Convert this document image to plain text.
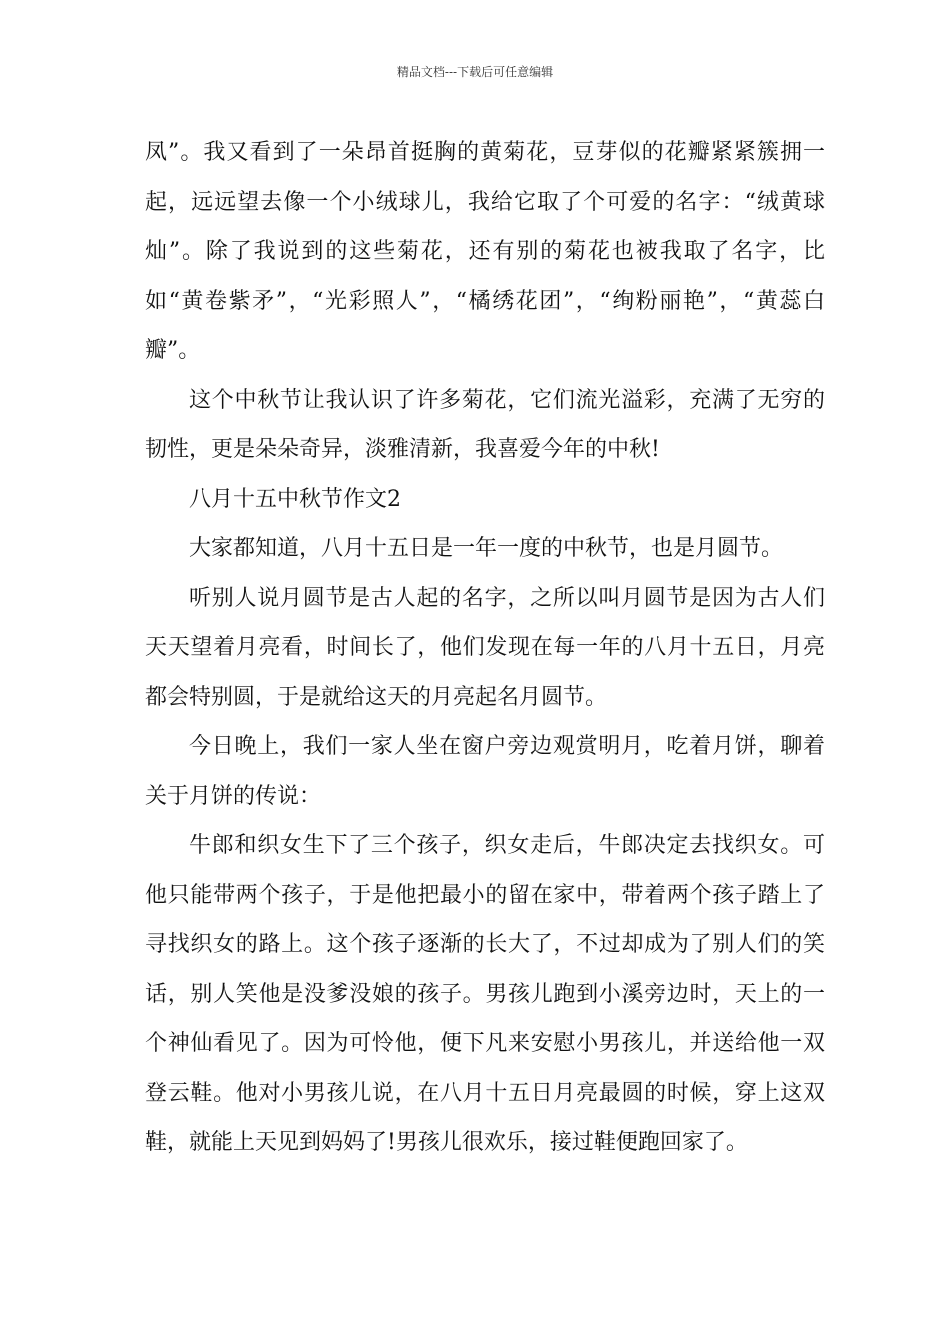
精品文档---下载后可任意编辑

凤”。我又看到了一朵昂首挺胸的黄菊花，豆芽似的花瓣紧紧簇拥一起，远远望去像一个小绒球儿，我给它取了个可爱的名字：“绒黄球灿”。除了我说到的这些菊花，还有别的菊花也被我取了名字，比如“黄卷紫矛”，“光彩照人”，“橘绣花团”，“绚粉丽艳”，“黄蕊白瓣”。

这个中秋节让我认识了许多菊花，它们流光溢彩，充满了无穷的韧性，更是朵朵奇异，淡雅清新，我喜爱今年的中秋!

八月十五中秋节作文2

大家都知道，八月十五日是一年一度的中秋节，也是月圆节。

听别人说月圆节是古人起的名字，之所以叫月圆节是因为古人们天天望着月亮看，时间长了，他们发现在每一年的八月十五日，月亮都会特别圆，于是就给这天的月亮起名月圆节。

今日晚上，我们一家人坐在窗户旁边观赏明月，吃着月饼，聊着关于月饼的传说：

牛郎和织女生下了三个孩子，织女走后，牛郎决定去找织女。可他只能带两个孩子，于是他把最小的留在家中，带着两个孩子踏上了寻找织女的路上。这个孩子逐渐的长大了，不过却成为了别人们的笑话，别人笑他是没爹没娘的孩子。男孩儿跑到小溪旁边时，天上的一个神仙看见了。因为可怜他，便下凡来安慰小男孩儿，并送给他一双登云鞋。他对小男孩儿说，在八月十五日月亮最圆的时候，穿上这双鞋，就能上天见到妈妈了!男孩儿很欢乐，接过鞋便跑回家了。
